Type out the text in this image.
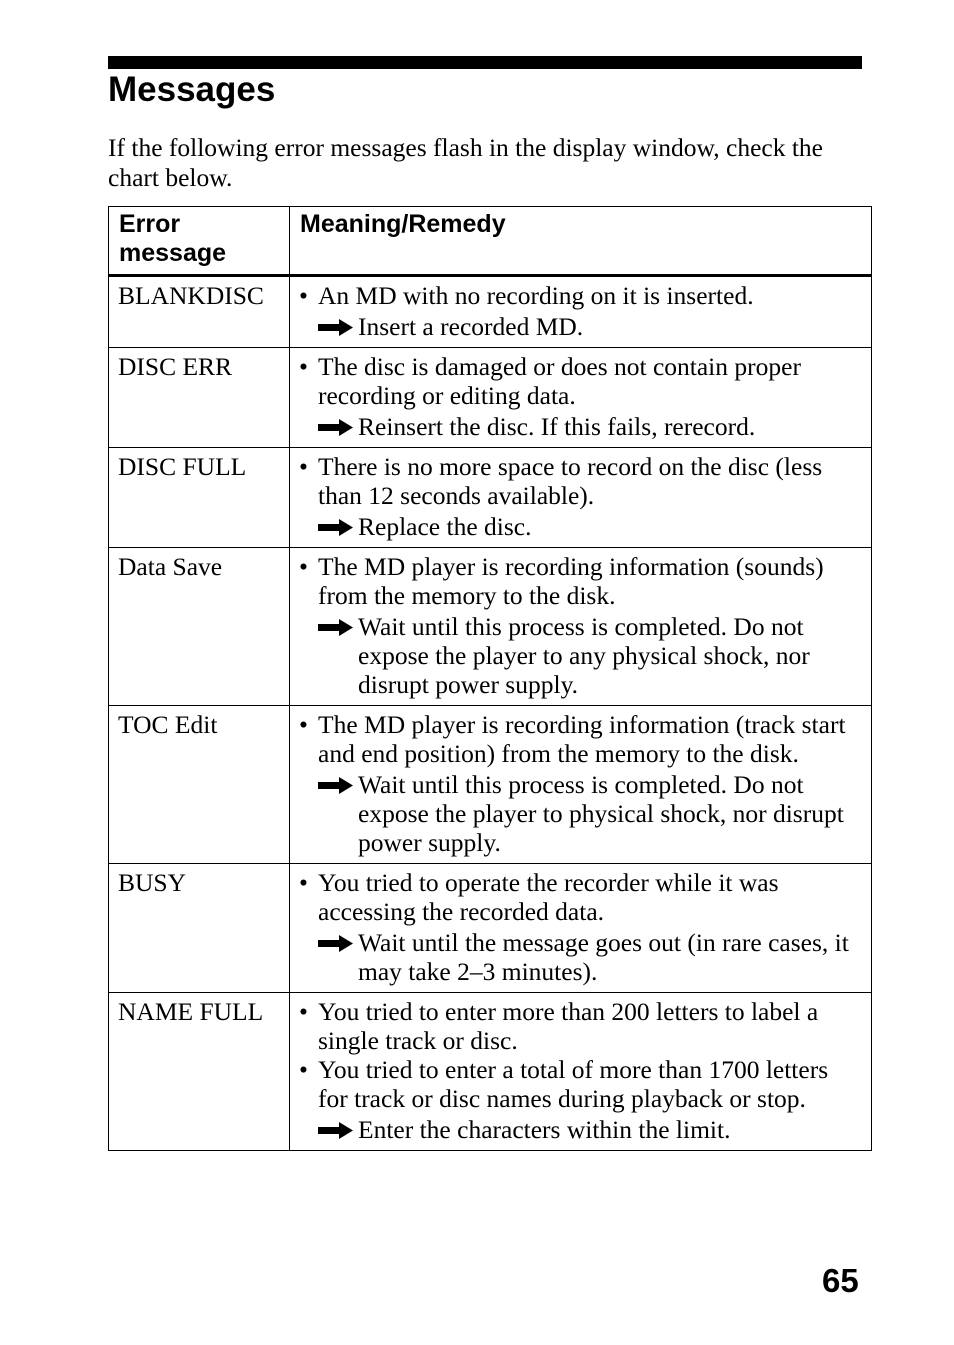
Messages

If the following error messages flash in the display window, check the chart below.

Error message	Meaning/Remedy
BLANKDISC	• An MD with no recording on it is inserted.
Insert a recorded MD.

DISC ERR	• The disc is damaged or does not contain proper recording or editing data.
Reinsert the disc. If this fails, rerecord.

DISC FULL	• There is no more space to record on the disc (less than 12 seconds available).
Replace the disc.

Data Save	• The MD player is recording information (sounds) from the memory to the disk.
Wait until this process is completed. Do not expose the player to any physical shock, nor disrupt power supply.

TOC Edit	• The MD player is recording information (track start and end position) from the memory to the disk.
Wait until this process is completed. Do not expose the player to physical shock, nor disrupt power supply.

BUSY	• You tried to operate the recorder while it was accessing the recorded data.
Wait until the message goes out (in rare cases, it may take 2–3 minutes).

NAME FULL	• You tried to enter more than 200 letters to label a single track or disc.
• You tried to enter a total of more than 1700 letters for track or disc names during playback or stop.
Enter the characters within the limit.
65
